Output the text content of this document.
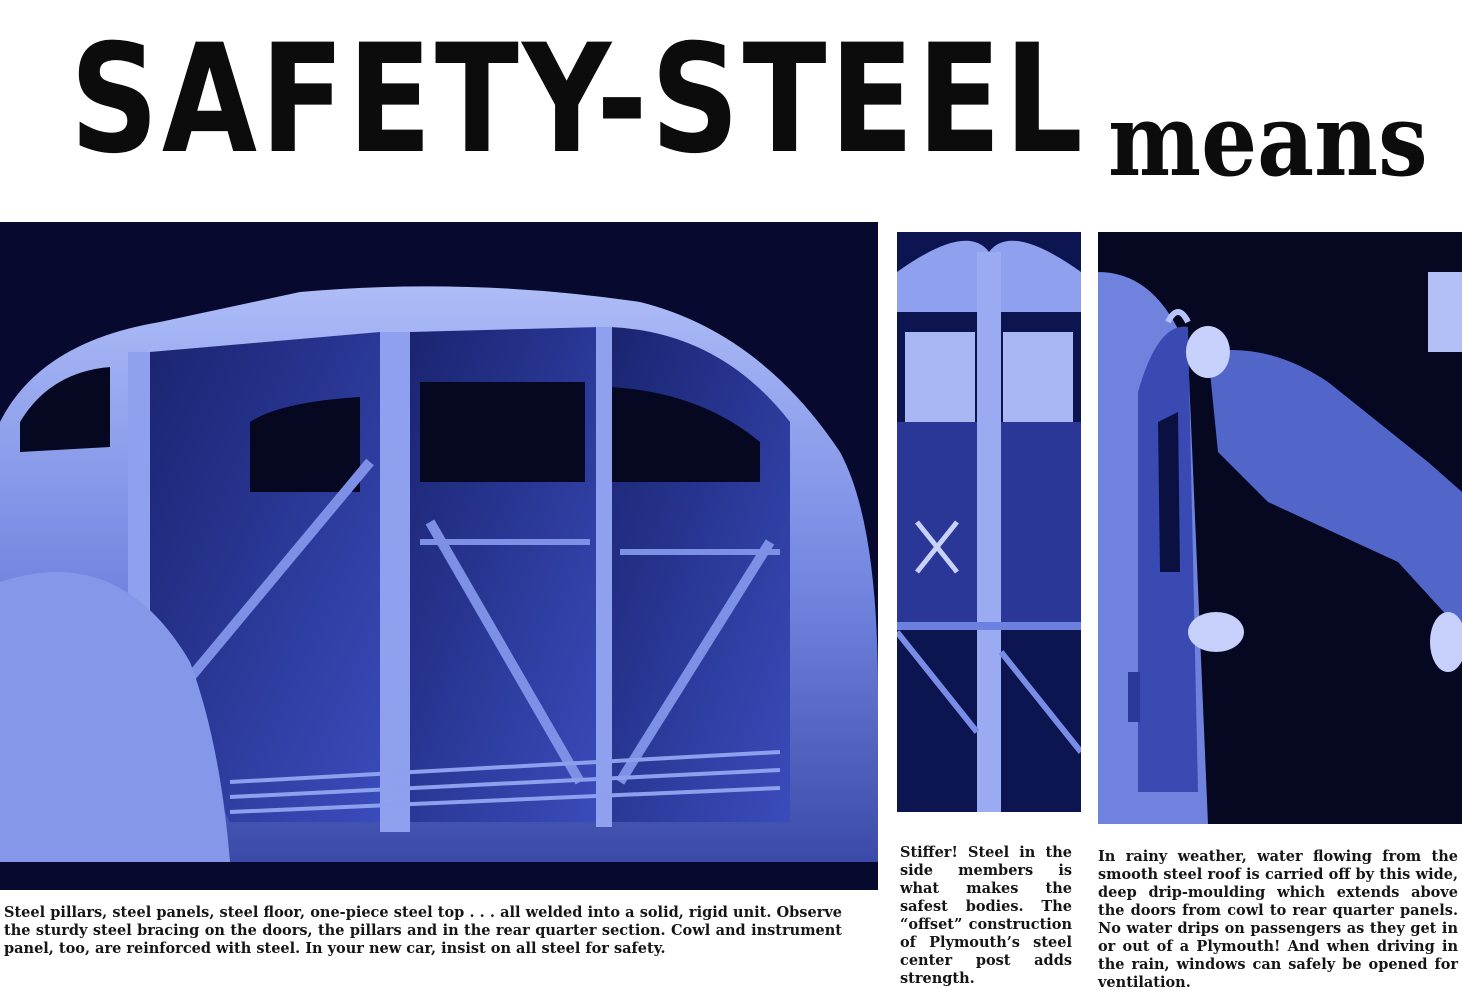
SAFETY-STEEL means

Steel pillars, steel panels, steel floor, one-piece steel top . . . all welded into a solid, rigid unit. Observe the sturdy steel bracing on the doors, the pillars and in the rear quarter section. Cowl and instrument panel, too, are reinforced with steel. In your new car, insist on all steel for safety.

Stiffer! Steel in the side members is what makes the safest bodies. The “offset” construction of Plymouth’s steel center post adds strength.

In rainy weather, water flowing from the smooth steel roof is carried off by this wide, deep drip-moulding which extends above the doors from cowl to rear quarter panels. No water drips on passengers as they get in or out of a Plymouth! And when driving in the rain, windows can safely be opened for ventilation.
